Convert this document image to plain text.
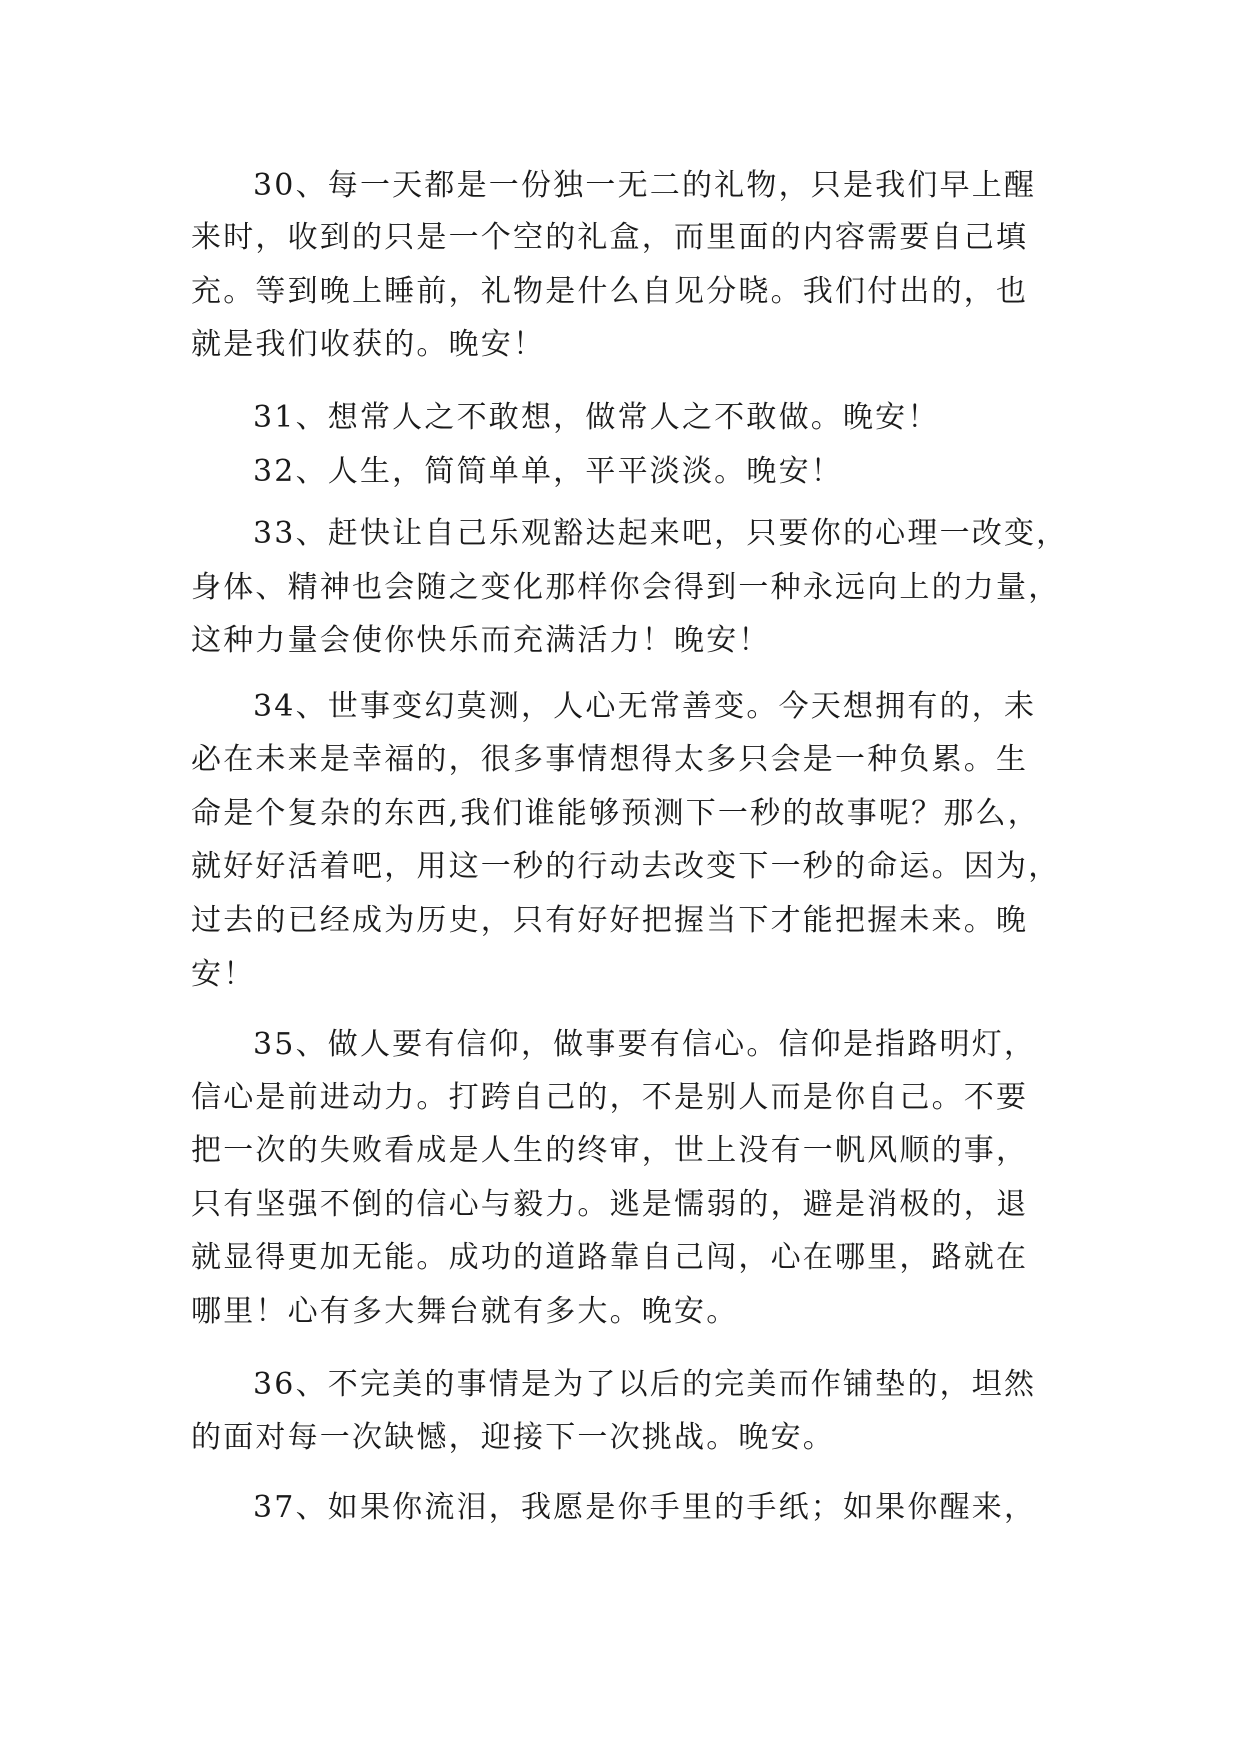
30、每一天都是一份独一无二的礼物，只是我们早上醒
来时，收到的只是一个空的礼盒，而里面的内容需要自己填
充。等到晚上睡前，礼物是什么自见分晓。我们付出的，也
就是我们收获的。晚安！
31、想常人之不敢想，做常人之不敢做。晚安！
32、人生，简简单单，平平淡淡。晚安！
33、赶快让自己乐观豁达起来吧，只要你的心理一改变，
身体、精神也会随之变化那样你会得到一种永远向上的力量，
这种力量会使你快乐而充满活力！晚安！
34、世事变幻莫测，人心无常善变。今天想拥有的，未
必在未来是幸福的，很多事情想得太多只会是一种负累。生
命是个复杂的东西,我们谁能够预测下一秒的故事呢？那么，
就好好活着吧，用这一秒的行动去改变下一秒的命运。因为，
过去的已经成为历史，只有好好把握当下才能把握未来。晚
安！
35、做人要有信仰，做事要有信心。信仰是指路明灯，
信心是前进动力。打跨自己的，不是别人而是你自己。不要
把一次的失败看成是人生的终审，世上没有一帆风顺的事，
只有坚强不倒的信心与毅力。逃是懦弱的，避是消极的，退
就显得更加无能。成功的道路靠自己闯，心在哪里，路就在
哪里！心有多大舞台就有多大。晚安。
36、不完美的事情是为了以后的完美而作铺垫的，坦然
的面对每一次缺憾，迎接下一次挑战。晚安。
37、如果你流泪，我愿是你手里的手纸；如果你醒来，
